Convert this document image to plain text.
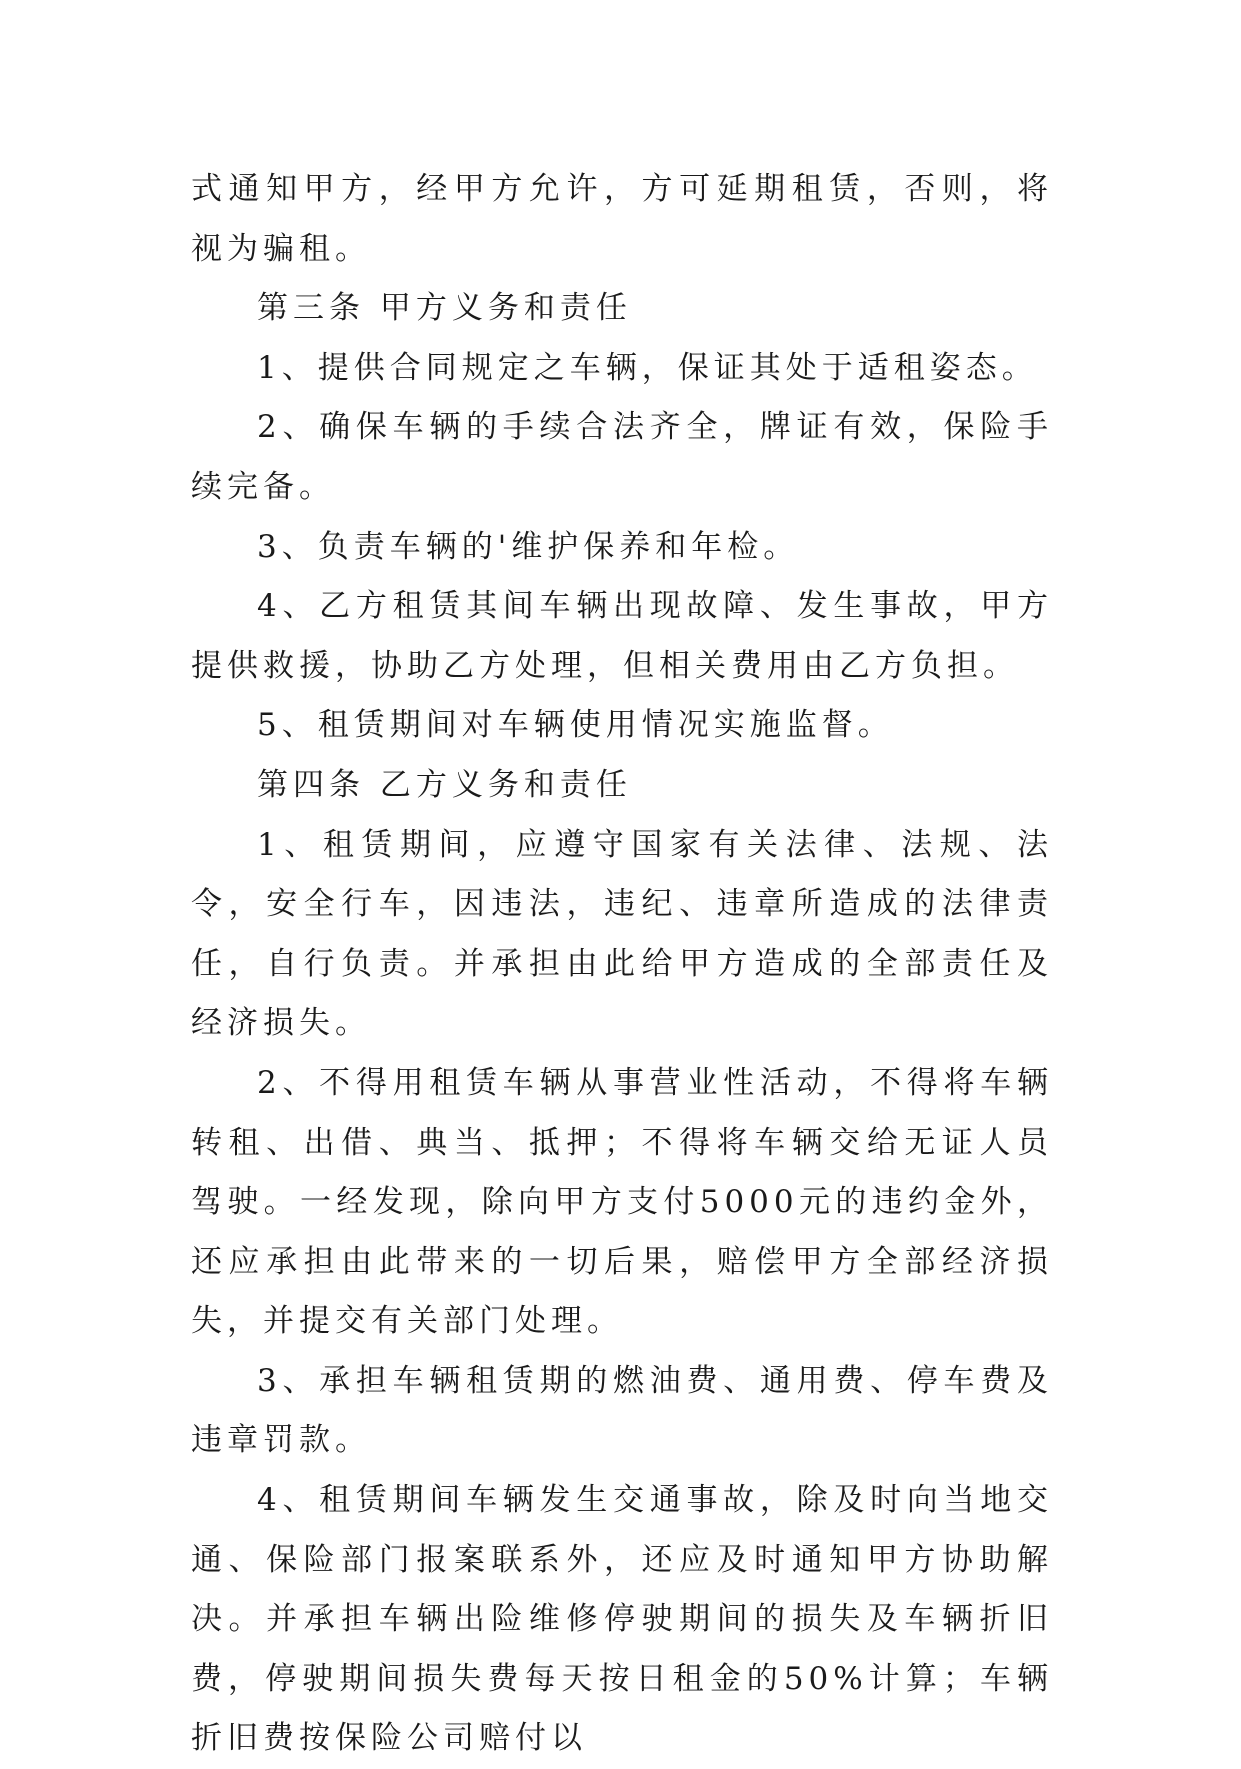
式通知甲方，经甲方允许，方可延期租赁，否则，将视为骗租。

第三条 甲方义务和责任

1、提供合同规定之车辆，保证其处于适租姿态。

2、确保车辆的手续合法齐全，牌证有效，保险手续完备。

3、负责车辆的'维护保养和年检。

4、乙方租赁其间车辆出现故障、发生事故，甲方提供救援，协助乙方处理，但相关费用由乙方负担。

5、租赁期间对车辆使用情况实施监督。

第四条 乙方义务和责任

1、租赁期间，应遵守国家有关法律、法规、法令，安全行车，因违法，违纪、违章所造成的法律责任，自行负责。并承担由此给甲方造成的全部责任及经济损失。

2、不得用租赁车辆从事营业性活动，不得将车辆转租、出借、典当、抵押；不得将车辆交给无证人员驾驶。一经发现，除向甲方支付5000元的违约金外，还应承担由此带来的一切后果，赔偿甲方全部经济损失，并提交有关部门处理。

3、承担车辆租赁期的燃油费、通用费、停车费及违章罚款。

4、租赁期间车辆发生交通事故，除及时向当地交通、保险部门报案联系外，还应及时通知甲方协助解决。并承担车辆出险维修停驶期间的损失及车辆折旧费，停驶期间损失费每天按日租金的50%计算；车辆折旧费按保险公司赔付以
